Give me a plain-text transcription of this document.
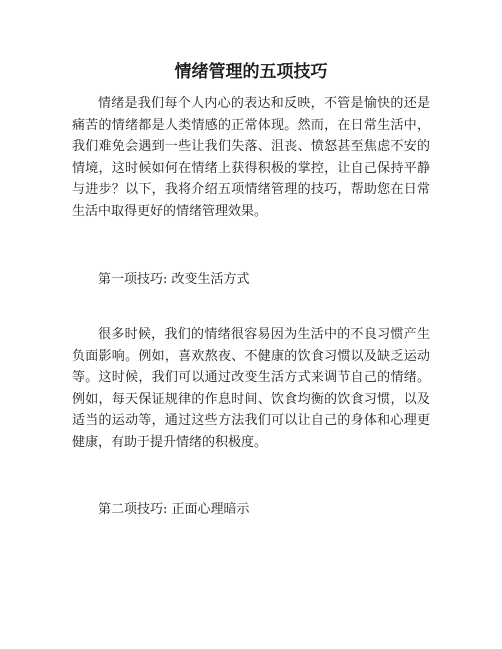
情绪管理的五项技巧

情绪是我们每个人内心的表达和反映，不管是愉快的还是痛苦的情绪都是人类情感的正常体现。然而，在日常生活中，我们难免会遇到一些让我们失落、沮丧、愤怒甚至焦虑不安的情境，这时候如何在情绪上获得积极的掌控，让自己保持平静与进步？以下，我将介绍五项情绪管理的技巧，帮助您在日常生活中取得更好的情绪管理效果。

第一项技巧: 改变生活方式

很多时候，我们的情绪很容易因为生活中的不良习惯产生负面影响。例如，喜欢熬夜、不健康的饮食习惯以及缺乏运动等。这时候，我们可以通过改变生活方式来调节自己的情绪。例如，每天保证规律的作息时间、饮食均衡的饮食习惯，以及适当的运动等，通过这些方法我们可以让自己的身体和心理更健康，有助于提升情绪的积极度。

第二项技巧: 正面心理暗示
